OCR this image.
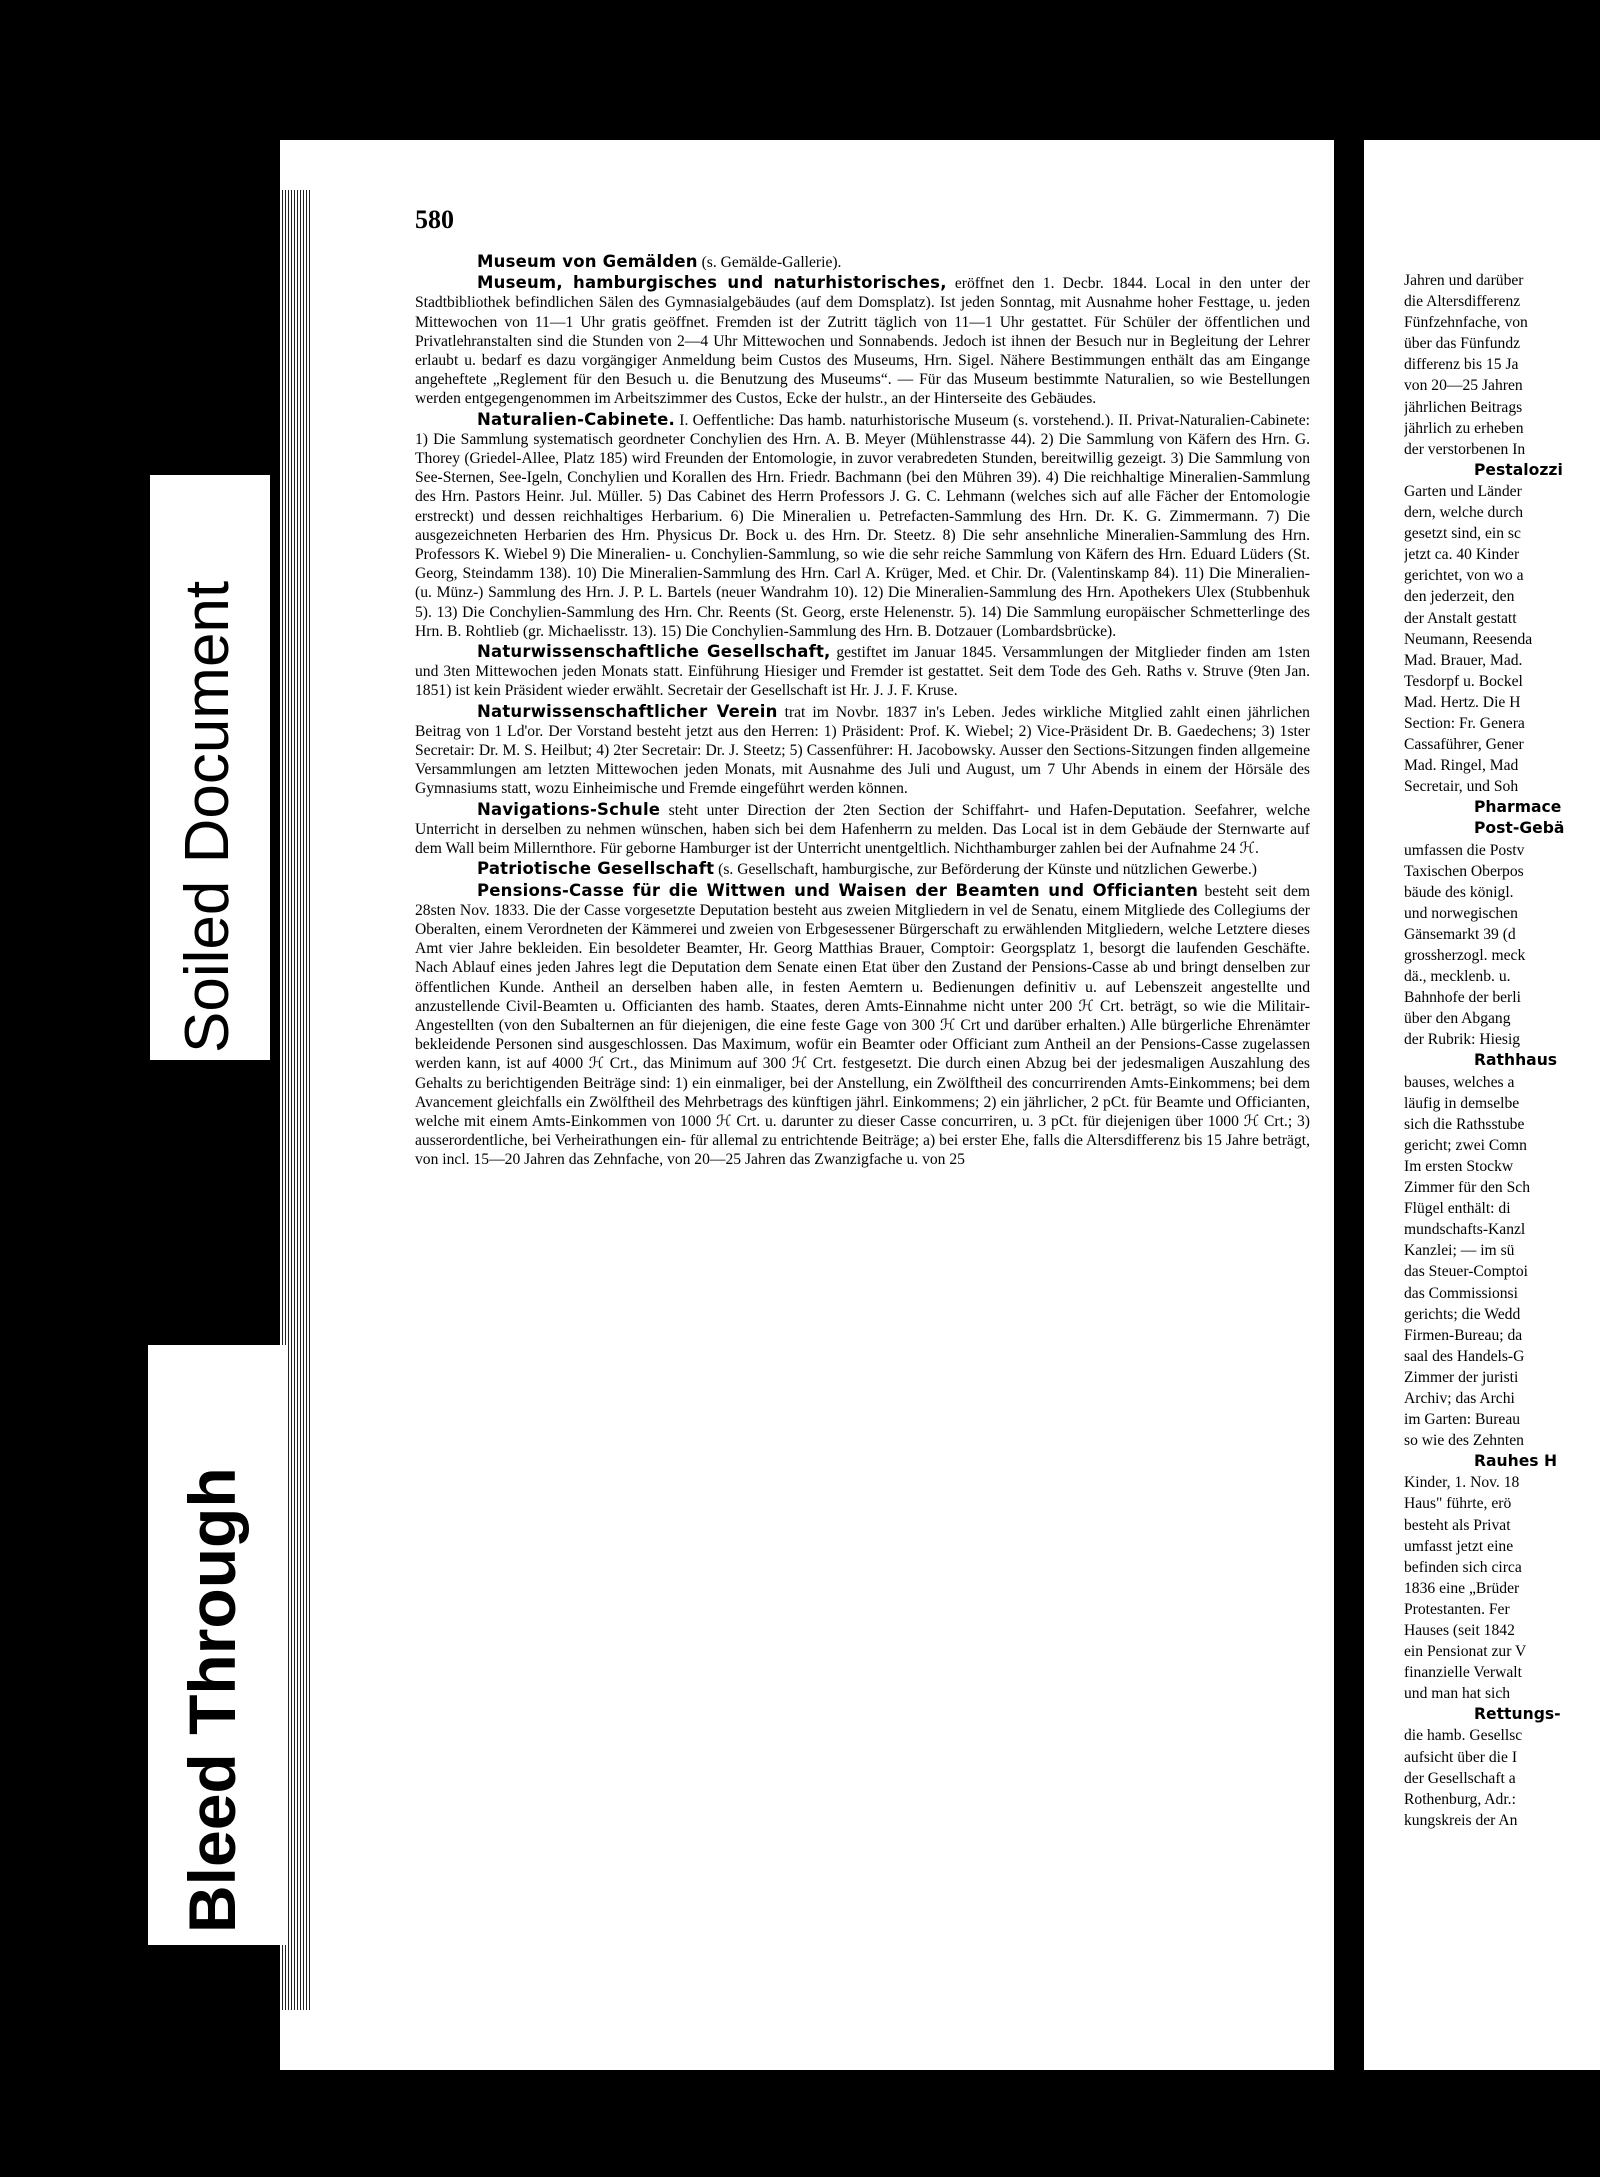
580

Museum von Gemälden (s. Gemälde-Gallerie).

Museum, hamburgisches und naturhistorisches, eröffnet den 1. Decbr. 1844. Local in den unter der Stadtbibliothek befindlichen Sälen des Gymnasialgebäudes (auf dem Domsplatz). Ist jeden Sonntag, mit Ausnahme hoher Festtage, u. jeden Mittewochen von 11—1 Uhr gratis geöffnet. Fremden ist der Zutritt täglich von 11—1 Uhr gestattet. Für Schüler der öffentlichen und Privatlehranstalten sind die Stunden von 2—4 Uhr Mittewochen und Sonnabends. Jedoch ist ihnen der Besuch nur in Begleitung der Lehrer erlaubt u. bedarf es dazu vorgängiger Anmeldung beim Custos des Museums, Hrn. Sigel. Nähere Bestimmungen enthält das am Eingange angeheftete „Reglement für den Besuch u. die Benutzung des Museums“. — Für das Museum bestimmte Naturalien, so wie Bestellungen werden entgegengenommen im Arbeitszimmer des Custos, Ecke der hulstr., an der Hinterseite des Gebäudes.

Naturalien-Cabinete. I. Oeffentliche: Das hamb. naturhistorische Museum (s. vorstehend.). II. Privat-Naturalien-Cabinete: 1) Die Sammlung systematisch geordneter Conchylien des Hrn. A. B. Meyer (Mühlenstrasse 44). 2) Die Sammlung von Käfern des Hrn. G. Thorey (Griedel-Allee, Platz 185) wird Freunden der Entomologie, in zuvor verabredeten Stunden, bereitwillig gezeigt. 3) Die Sammlung von See-Sternen, See-Igeln, Conchylien und Korallen des Hrn. Friedr. Bachmann (bei den Mühren 39). 4) Die reichhaltige Mineralien-Sammlung des Hrn. Pastors Heinr. Jul. Müller. 5) Das Cabinet des Herrn Professors J. G. C. Lehmann (welches sich auf alle Fächer der Entomologie erstreckt) und dessen reichhaltiges Herbarium. 6) Die Mineralien u. Petrefacten-Sammlung des Hrn. Dr. K. G. Zimmermann. 7) Die ausgezeichneten Herbarien des Hrn. Physicus Dr. Bock u. des Hrn. Dr. Steetz. 8) Die sehr ansehnliche Mineralien-Sammlung des Hrn. Professors K. Wiebel 9) Die Mineralien- u. Conchylien-Sammlung, so wie die sehr reiche Sammlung von Käfern des Hrn. Eduard Lüders (St. Georg, Steindamm 138). 10) Die Mineralien-Sammlung des Hrn. Carl A. Krüger, Med. et Chir. Dr. (Valentinskamp 84). 11) Die Mineralien- (u. Münz-) Sammlung des Hrn. J. P. L. Bartels (neuer Wandrahm 10). 12) Die Mineralien-Sammlung des Hrn. Apothekers Ulex (Stubbenhuk 5). 13) Die Conchylien-Sammlung des Hrn. Chr. Reents (St. Georg, erste Helenenstr. 5). 14) Die Sammlung europäischer Schmetterlinge des Hrn. B. Rohtlieb (gr. Michaelisstr. 13). 15) Die Conchylien-Sammlung des Hrn. B. Dotzauer (Lombardsbrücke).

Naturwissenschaftliche Gesellschaft, gestiftet im Januar 1845. Versammlungen der Mitglieder finden am 1sten und 3ten Mittewochen jeden Monats statt. Einführung Hiesiger und Fremder ist gestattet. Seit dem Tode des Geh. Raths v. Struve (9ten Jan. 1851) ist kein Präsident wieder erwählt. Secretair der Gesellschaft ist Hr. J. J. F. Kruse.

Naturwissenschaftlicher Verein trat im Novbr. 1837 in's Leben. Jedes wirkliche Mitglied zahlt einen jährlichen Beitrag von 1 Ld'or. Der Vorstand besteht jetzt aus den Herren: 1) Präsident: Prof. K. Wiebel; 2) Vice-Präsident Dr. B. Gaedechens; 3) 1ster Secretair: Dr. M. S. Heilbut; 4) 2ter Secretair: Dr. J. Steetz; 5) Cassenführer: H. Jacobowsky. Ausser den Sections-Sitzungen finden allgemeine Versammlungen am letzten Mittewochen jeden Monats, mit Ausnahme des Juli und August, um 7 Uhr Abends in einem der Hörsäle des Gymnasiums statt, wozu Einheimische und Fremde eingeführt werden können.

Navigations-Schule steht unter Direction der 2ten Section der Schiffahrt- und Hafen-Deputation. Seefahrer, welche Unterricht in derselben zu nehmen wünschen, haben sich bei dem Hafenherrn zu melden. Das Local ist in dem Gebäude der Sternwarte auf dem Wall beim Millernthore. Für geborne Hamburger ist der Unterricht unentgeltlich. Nichthamburger zahlen bei der Aufnahme 24 ℋ.

Patriotische Gesellschaft (s. Gesellschaft, hamburgische, zur Beförderung der Künste und nützlichen Gewerbe.)

Pensions-Casse für die Wittwen und Waisen der Beamten und Officianten besteht seit dem 28sten Nov. 1833. Die der Casse vorgesetzte Deputation besteht aus zweien Mitgliedern in vel de Senatu, einem Mitgliede des Collegiums der Oberalten, einem Verordneten der Kämmerei und zweien von Erbgesessener Bürgerschaft zu erwählenden Mitgliedern, welche Letztere dieses Amt vier Jahre bekleiden. Ein besoldeter Beamter, Hr. Georg Matthias Brauer, Comptoir: Georgsplatz 1, besorgt die laufenden Geschäfte. Nach Ablauf eines jeden Jahres legt die Deputation dem Senate einen Etat über den Zustand der Pensions-Casse ab und bringt denselben zur öffentlichen Kunde. Antheil an derselben haben alle, in festen Aemtern u. Bedienungen definitiv u. auf Lebenszeit angestellte und anzustellende Civil-Beamten u. Officianten des hamb. Staates, deren Amts-Einnahme nicht unter 200 ℋ Crt. beträgt, so wie die Militair-Angestellten (von den Subalternen an für diejenigen, die eine feste Gage von 300 ℋ Crt und darüber erhalten.) Alle bürgerliche Ehrenämter bekleidende Personen sind ausgeschlossen. Das Maximum, wofür ein Beamter oder Officiant zum Antheil an der Pensions-Casse zugelassen werden kann, ist auf 4000 ℋ Crt., das Minimum auf 300 ℋ Crt. festgesetzt. Die durch einen Abzug bei der jedesmaligen Auszahlung des Gehalts zu berichtigenden Beiträge sind: 1) ein einmaliger, bei der Anstellung, ein Zwölftheil des concurrirenden Amts-Einkommens; bei dem Avancement gleichfalls ein Zwölftheil des Mehrbetrags des künftigen jährl. Einkommens; 2) ein jährlicher, 2 pCt. für Beamte und Officianten, welche mit einem Amts-Einkommen von 1000 ℋ Crt. u. darunter zu dieser Casse concurriren, u. 3 pCt. für diejenigen über 1000 ℋ Crt.; 3) ausserordentliche, bei Verheirathungen ein- für allemal zu entrichtende Beiträge; a) bei erster Ehe, falls die Altersdifferenz bis 15 Jahre beträgt, von incl. 15—20 Jahren das Zehnfache, von 20—25 Jahren das Zwanzigfache u. von 25

Jahren und darüber
die Altersdifferenz
Fünfzehnfache, von
über das Fünfundz
differenz bis 15 Ja
von 20—25 Jahren
jährlichen Beitrags
jährlich zu erheben
der verstorbenen In
Pestalozzi
Garten und Länder
dern, welche durch
gesetzt sind, ein sc
jetzt ca. 40 Kinder
gerichtet, von wo a
den jederzeit, den
der Anstalt gestatt
Neumann, Reesenda
Mad. Brauer, Mad.
Tesdorpf u. Bockel
Mad. Hertz. Die H
Section: Fr. Genera
Cassaführer, Gener
Mad. Ringel, Mad
Secretair, und Soh
Pharmace
Post-Gebä
umfassen die Postv
Taxischen Oberpos
bäude des königl.
und norwegischen
Gänsemarkt 39 (d
grossherzogl. meck
dä., mecklenb. u.
Bahnhofe der berli
über den Abgang
der Rubrik: Hiesig
Rathhaus
bauses, welches a
läufig in demselbe
sich die Rathsstube
gericht; zwei Comn
Im ersten Stockw
Zimmer für den Sch
Flügel enthält: di
mundschafts-Kanzl
Kanzlei; — im sü
das Steuer-Comptoi
das Commissionsi
gerichts; die Wedd
Firmen-Bureau; da
saal des Handels-G
Zimmer der juristi
Archiv; das Archi
im Garten: Bureau
so wie des Zehnten
Rauhes H
Kinder, 1. Nov. 18
Haus" führte, erö
besteht als Privat
umfasst jetzt eine
befinden sich circa
1836 eine „Brüder
Protestanten. Fer
Hauses (seit 1842
ein Pensionat zur V
finanzielle Verwalt
und man hat sich
Rettungs-
die hamb. Gesellsc
aufsicht über die I
der Gesellschaft a
Rothenburg, Adr.:
kungskreis der An
Soiled Document
Bleed Through
